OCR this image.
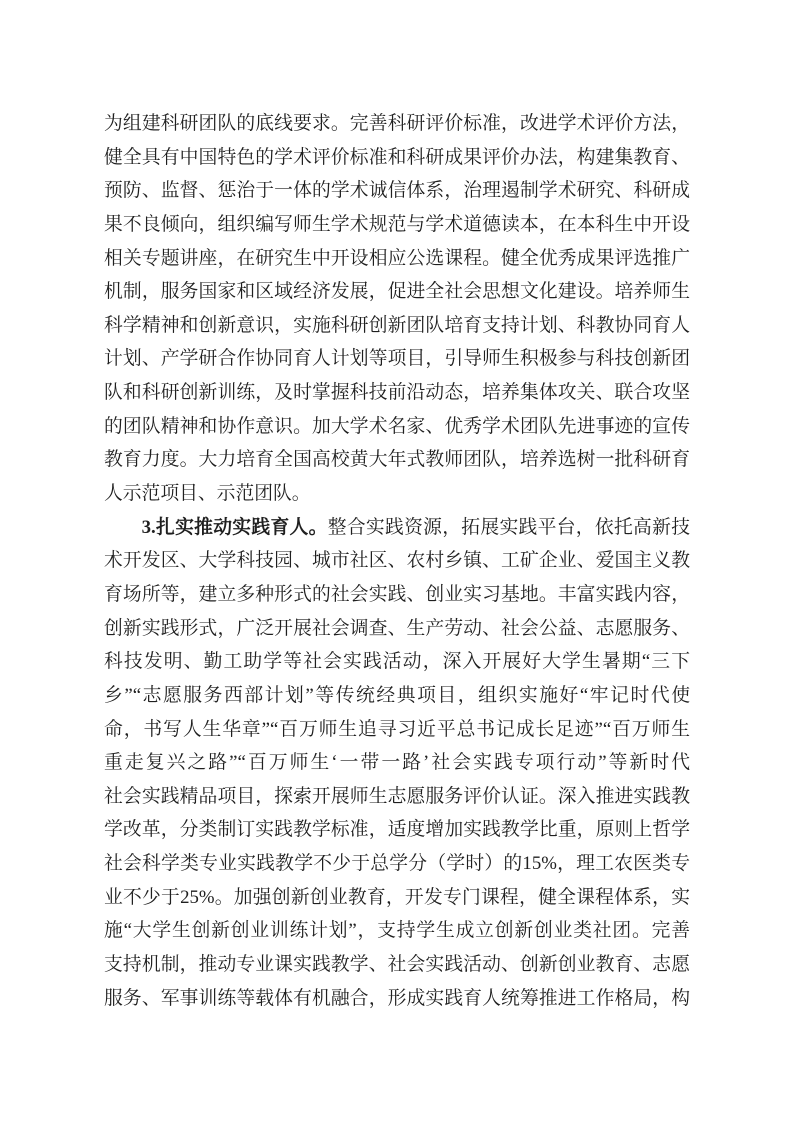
为组建科研团队的底线要求。完善科研评价标准，改进学术评价方法，
健全具有中国特色的学术评价标准和科研成果评价办法，构建集教育、
预防、监督、惩治于一体的学术诚信体系，治理遏制学术研究、科研成
果不良倾向，组织编写师生学术规范与学术道德读本，在本科生中开设
相关专题讲座，在研究生中开设相应公选课程。健全优秀成果评选推广
机制，服务国家和区域经济发展，促进全社会思想文化建设。培养师生
科学精神和创新意识，实施科研创新团队培育支持计划、科教协同育人
计划、产学研合作协同育人计划等项目，引导师生积极参与科技创新团
队和科研创新训练，及时掌握科技前沿动态，培养集体攻关、联合攻坚
的团队精神和协作意识。加大学术名家、优秀学术团队先进事迹的宣传
教育力度。大力培育全国高校黄大年式教师团队，培养选树一批科研育
人示范项目、示范团队。
3.扎实推动实践育人。整合实践资源，拓展实践平台，依托高新技
术开发区、大学科技园、城市社区、农村乡镇、工矿企业、爱国主义教
育场所等，建立多种形式的社会实践、创业实习基地。丰富实践内容，
创新实践形式，广泛开展社会调查、生产劳动、社会公益、志愿服务、
科技发明、勤工助学等社会实践活动，深入开展好大学生暑期“三下
乡”“志愿服务西部计划”等传统经典项目，组织实施好“牢记时代使
命，书写人生华章”“百万师生追寻习近平总书记成长足迹”“百万师生
重走复兴之路”“百万师生‘一带一路’社会实践专项行动”等新时代
社会实践精品项目，探索开展师生志愿服务评价认证。深入推进实践教
学改革，分类制订实践教学标准，适度增加实践教学比重，原则上哲学
社会科学类专业实践教学不少于总学分（学时）的15%，理工农医类专
业不少于25%。加强创新创业教育，开发专门课程，健全课程体系，实
施“大学生创新创业训练计划”，支持学生成立创新创业类社团。完善
支持机制，推动专业课实践教学、社会实践活动、创新创业教育、志愿
服务、军事训练等载体有机融合，形成实践育人统筹推进工作格局，构
